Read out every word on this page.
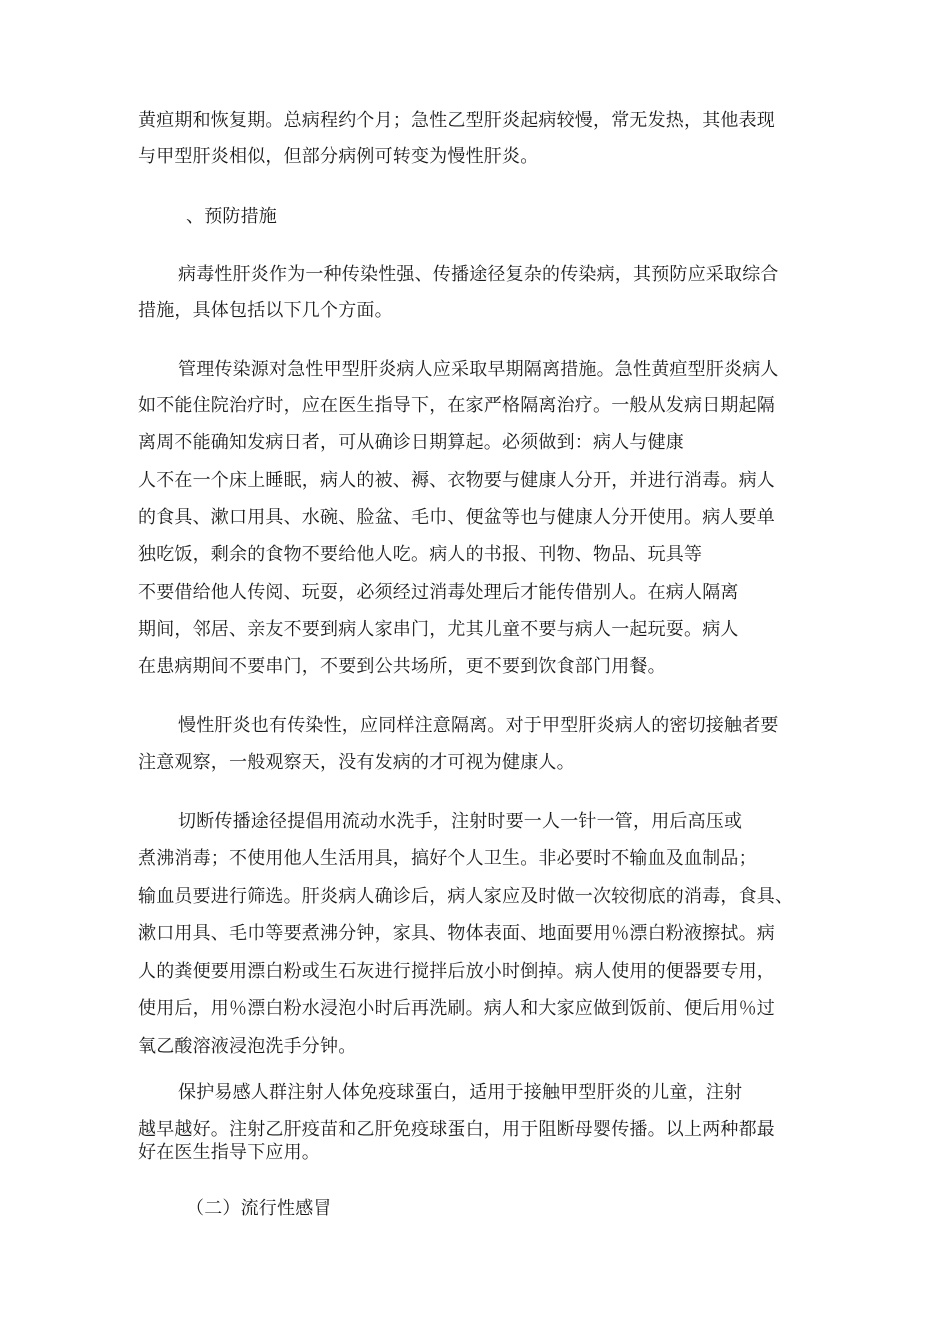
黄疸期和恢复期。总病程约个月；急性乙型肝炎起病较慢，常无发热，其他表现
与甲型肝炎相似，但部分病例可转变为慢性肝炎。
、预防措施
病毒性肝炎作为一种传染性强、传播途径复杂的传染病，其预防应采取综合
措施，具体包括以下几个方面。
管理传染源对急性甲型肝炎病人应采取早期隔离措施。急性黄疸型肝炎病人
如不能住院治疗时，应在医生指导下，在家严格隔离治疗。一般从发病日期起隔
离周不能确知发病日者，可从确诊日期算起。必须做到：病人与健康
人不在一个床上睡眠，病人的被、褥、衣物要与健康人分开，并进行消毒。病人
的食具、漱口用具、水碗、脸盆、毛巾、便盆等也与健康人分开使用。病人要单
独吃饭，剩余的食物不要给他人吃。病人的书报、刊物、物品、玩具等
不要借给他人传阅、玩耍，必须经过消毒处理后才能传借别人。在病人隔离
期间，邻居、亲友不要到病人家串门，尤其儿童不要与病人一起玩耍。病人
在患病期间不要串门，不要到公共场所，更不要到饮食部门用餐。
慢性肝炎也有传染性，应同样注意隔离。对于甲型肝炎病人的密切接触者要
注意观察，一般观察天，没有发病的才可视为健康人。
切断传播途径提倡用流动水洗手，注射时要一人一针一管，用后高压或
煮沸消毒；不使用他人生活用具，搞好个人卫生。非必要时不输血及血制品；
输血员要进行筛选。肝炎病人确诊后，病人家应及时做一次较彻底的消毒，食具、
漱口用具、毛巾等要煮沸分钟，家具、物体表面、地面要用％漂白粉液擦拭。病
人的粪便要用漂白粉或生石灰进行搅拌后放小时倒掉。病人使用的便器要专用，
使用后，用％漂白粉水浸泡小时后再洗刷。病人和大家应做到饭前、便后用％过
氧乙酸溶液浸泡洗手分钟。
保护易感人群注射人体免疫球蛋白，适用于接触甲型肝炎的儿童，注射
越早越好。注射乙肝疫苗和乙肝免疫球蛋白，用于阻断母婴传播。以上两种都最
好在医生指导下应用。
（二）流行性感冒
